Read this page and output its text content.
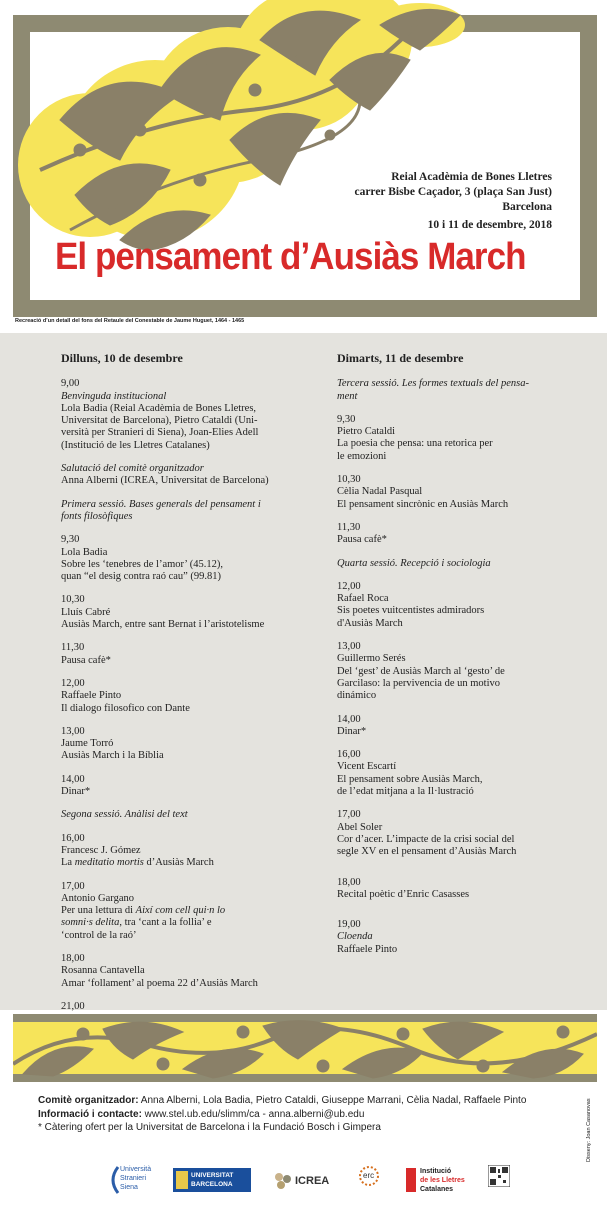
Reial Acadèmia de Bones Lletres
carrer Bisbe Caçador, 3 (plaça San Just)
Barcelona
10 i 11 de desembre, 2018
El pensament d’Ausiàs March
Recreació d’un detall del fons del Retaule del Conestable de Jaume Huguet, 1464 - 1465
Dilluns, 10 de desembre
9,00
Benvinguda institucional
Lola Badia (Reial Acadèmia de Bones Lletres,
Universitat de Barcelona), Pietro Cataldi (Uni-
versità per Stranieri di Siena), Joan-Elies Adell
(Institució de les Lletres Catalanes)
Salutació del comitè organitzador
Anna Alberni (ICREA, Universitat de Barcelona)
Primera sessió. Bases generals del pensament i
fonts filosòfiques
9,30
Lola Badia
Sobre les ‘tenebres de l’amor’ (45.12),
quan “el desig contra raó cau” (99.81)
10,30
Lluís Cabré
Ausiàs March, entre sant Bernat i l’aristotelisme
11,30
Pausa cafè*
12,00
Raffaele Pinto
Il dialogo filosofico con Dante
13,00
Jaume Torró
Ausiàs March i la Bíblia
14,00
Dinar*
Segona sessió. Anàlisi del text
16,00
Francesc J. Gómez
La meditatio mortis d’Ausiàs March
17,00
Antonio Gargano
Per una lettura di Així com cell qui·n lo
somni·s delita, tra ‘cant a la follia’ e
‘control de la raó’
18,00
Rosanna Cantavella
Amar ‘follament’ al poema 22 d’Ausiàs March
21,00
Dimarts, 11 de desembre
Tercera sessió. Les formes textuals del pensa-
ment
9,30
Pietro Cataldi
La poesia che pensa: una retorica per
le emozioni
10,30
Cèlia Nadal Pasqual
El pensament sincrònic en Ausiàs March
11,30
Pausa cafè*
Quarta sessió. Recepció i sociologia
12,00
Rafael Roca
Sis poetes vuitcentistes admiradors
d'Ausiàs March
13,00
Guillermo Serés
Del ‘gest’ de Ausiàs March al ‘gesto’ de
Garcilaso: la pervivencia de un motivo
dinámico
14,00
Dinar*
16,00
Vicent Escartí
El pensament sobre Ausiàs March,
de l’edat mitjana a la Il·lustració
17,00
Abel Soler
Cor d’acer. L’impacte de la crisi social del
segle XV en el pensament d’Ausiàs March
18,00
Recital poètic d’Enric Casasses
19,00
Cloenda
Raffaele Pinto
Comitè organitzador: Anna Alberni, Lola Badia, Pietro Cataldi, Giuseppe Marrani, Cèlia Nadal, Raffaele Pinto
Informació i contacte: www.stel.ub.edu/slimm/ca - anna.alberni@ub.edu
* Càtering ofert per la Universitat de Barcelona i la Fundació Bosch i Gimpera	Disseny: Joan Casanovas
Università
Stranieri
Siena
UNIVERSITAT
BARCELONA	ICREA	erc	Institució
de les Lletres
Catalanes
